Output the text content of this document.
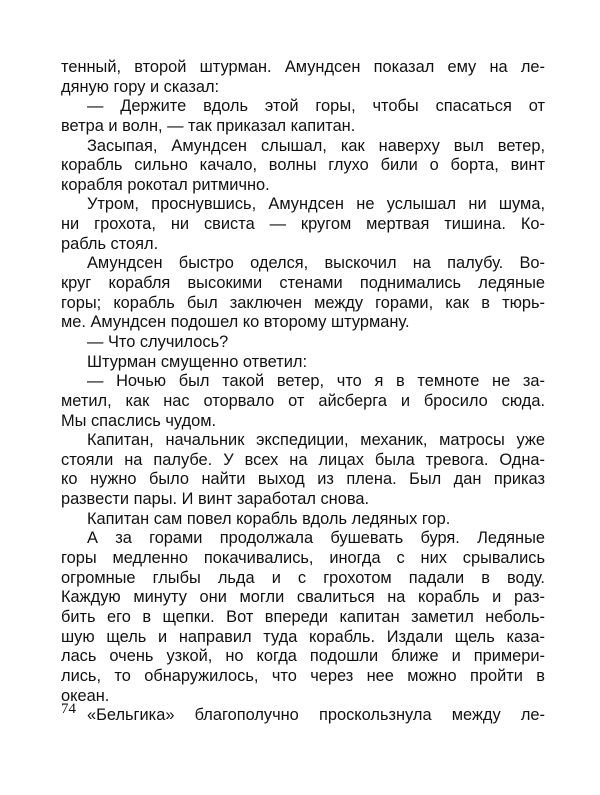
тенный, второй штурман. Амундсен показал ему на ле-
дяную гору и сказал:
— Держите вдоль этой горы, чтобы спасаться от
ветра и волн, — так приказал капитан.
Засыпая, Амундсен слышал, как наверху выл ветер,
корабль сильно качало, волны глухо били о борта, винт
корабля рокотал ритмично.
Утром, проснувшись, Амундсен не услышал ни шума,
ни грохота, ни свиста — кругом мертвая тишина. Ко-
рабль стоял.
Амундсен быстро оделся, выскочил на палубу. Во-
круг корабля высокими стенами поднимались ледяные
горы; корабль был заключен между горами, как в тюрь-
ме. Амундсен подошел ко второму штурману.
— Что случилось?
Штурман смущенно ответил:
— Ночью был такой ветер, что я в темноте не за-
метил, как нас оторвало от айсберга и бросило сюда.
Мы спаслись чудом.
Капитан, начальник экспедиции, механик, матросы уже
стояли на палубе. У всех на лицах была тревога. Одна-
ко нужно было найти выход из плена. Был дан приказ
развести пары. И винт заработал снова.
Капитан сам повел корабль вдоль ледяных гор.
А за горами продолжала бушевать буря. Ледяные
горы медленно покачивались, иногда с них срывались
огромные глыбы льда и с грохотом падали в воду.
Каждую минуту они могли свалиться на корабль и раз-
бить его в щепки. Вот впереди капитан заметил неболь-
шую щель и направил туда корабль. Издали щель каза-
лась очень узкой, но когда подошли ближе и примери-
лись, то обнаружилось, что через нее можно пройти в
океан.
«Бельгика» благополучно проскользнула между ле-
74
